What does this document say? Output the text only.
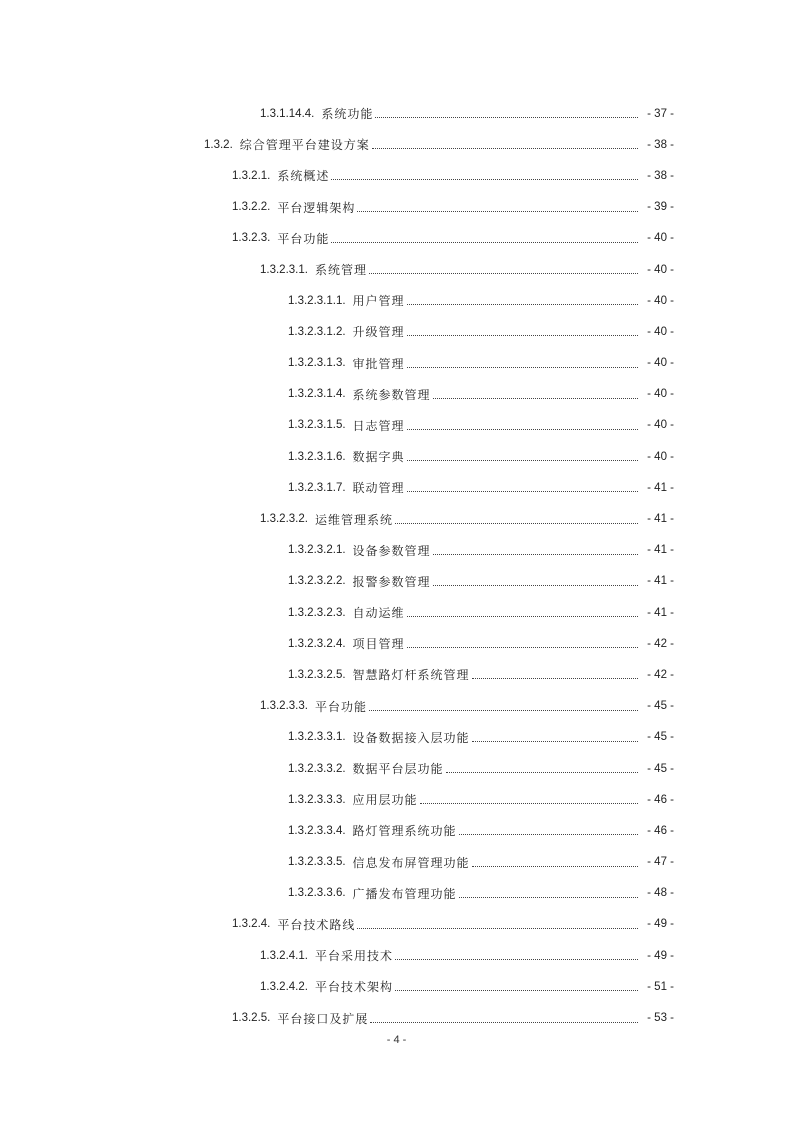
1.3.1.14.4. 系统功能	- 37 -
1.3.2. 综合管理平台建设方案	- 38 -
1.3.2.1. 系统概述	- 38 -
1.3.2.2. 平台逻辑架构	- 39 -
1.3.2.3. 平台功能	- 40 -
1.3.2.3.1. 系统管理	- 40 -
1.3.2.3.1.1. 用户管理	- 40 -
1.3.2.3.1.2. 升级管理	- 40 -
1.3.2.3.1.3. 审批管理	- 40 -
1.3.2.3.1.4. 系统参数管理	- 40 -
1.3.2.3.1.5. 日志管理	- 40 -
1.3.2.3.1.6. 数据字典	- 40 -
1.3.2.3.1.7. 联动管理	- 41 -
1.3.2.3.2. 运维管理系统	- 41 -
1.3.2.3.2.1. 设备参数管理	- 41 -
1.3.2.3.2.2. 报警参数管理	- 41 -
1.3.2.3.2.3. 自动运维	- 41 -
1.3.2.3.2.4. 项目管理	- 42 -
1.3.2.3.2.5. 智慧路灯杆系统管理	- 42 -
1.3.2.3.3. 平台功能	- 45 -
1.3.2.3.3.1. 设备数据接入层功能	- 45 -
1.3.2.3.3.2. 数据平台层功能	- 45 -
1.3.2.3.3.3. 应用层功能	- 46 -
1.3.2.3.3.4. 路灯管理系统功能	- 46 -
1.3.2.3.3.5. 信息发布屏管理功能	- 47 -
1.3.2.3.3.6. 广播发布管理功能	- 48 -
1.3.2.4. 平台技术路线	- 49 -
1.3.2.4.1. 平台采用技术	- 49 -
1.3.2.4.2. 平台技术架构	- 51 -
1.3.2.5. 平台接口及扩展	- 53 -
- 4 -
